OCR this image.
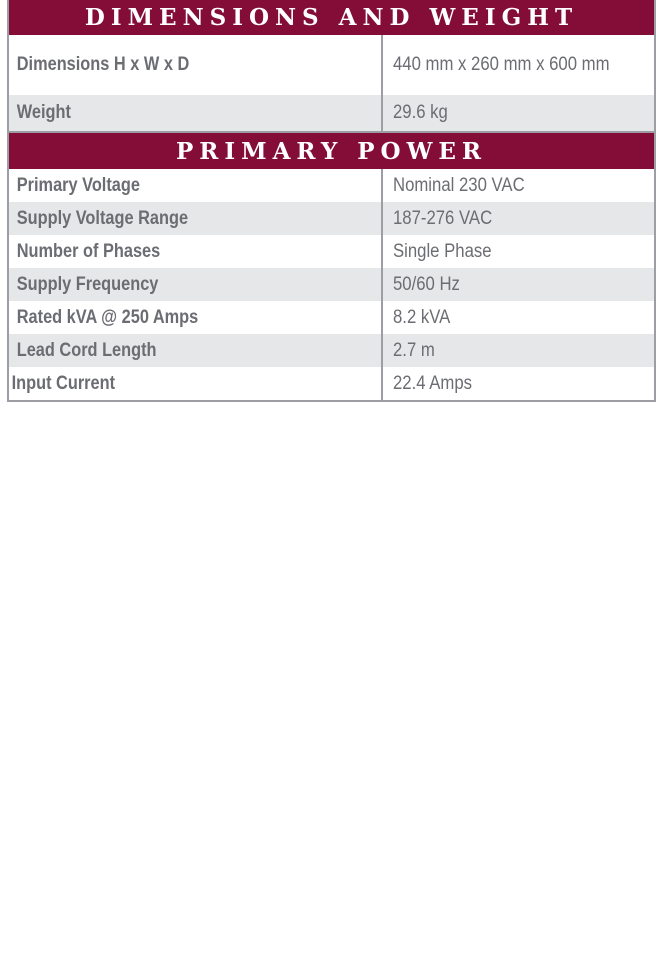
DIMENSIONS AND WEIGHT
Dimensions H x W x D	440 mm x 260 mm x 600 mm
Weight	29.6 kg
PRIMARY POWER
Primary Voltage	Nominal 230 VAC
Supply Voltage Range	187-276 VAC
Number of Phases	Single Phase
Supply Frequency	50/60 Hz
Rated kVA @ 250 Amps	8.2 kVA
Lead Cord Length	2.7 m
Input Current	22.4 Amps
